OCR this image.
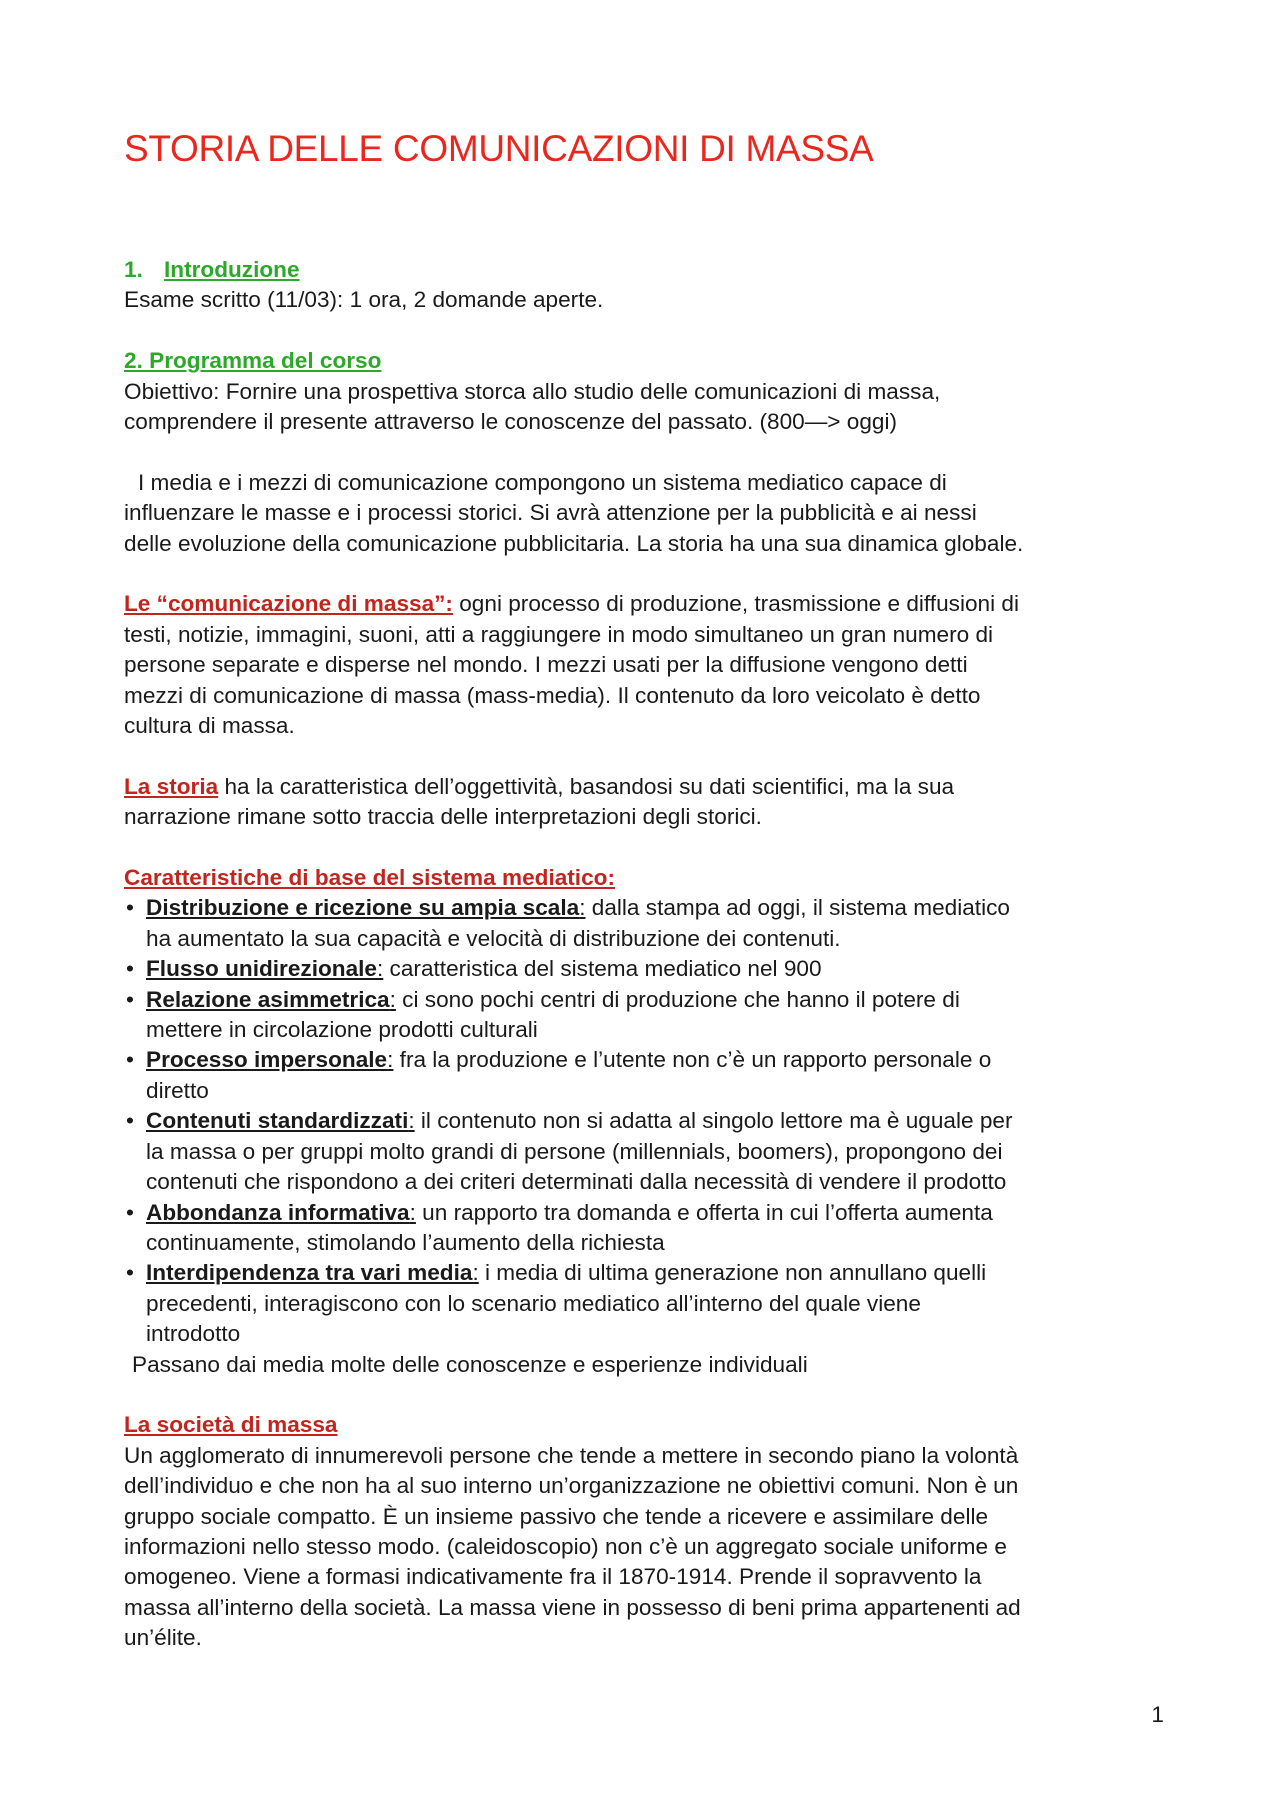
STORIA DELLE COMUNICAZIONI DI MASSA

1. Introduzione

Esame scritto (11/03): 1 ora, 2 domande aperte.

2. Programma del corso

Obiettivo: Fornire una prospettiva storca allo studio delle comunicazioni di massa,

comprendere il presente attraverso le conoscenze del passato. (800—> oggi)

I media e i mezzi di comunicazione compongono un sistema mediatico capace di

influenzare le masse e i processi storici. Si avrà attenzione per la pubblicità e ai nessi

delle evoluzione della comunicazione pubblicitaria. La storia ha una sua dinamica globale.

Le “comunicazione di massa”: ogni processo di produzione, trasmissione e diffusioni di

testi, notizie, immagini, suoni, atti a raggiungere in modo simultaneo un gran numero di

persone separate e disperse nel mondo. I mezzi usati per la diffusione vengono detti

mezzi di comunicazione di massa (mass-media). Il contenuto da loro veicolato è detto

cultura di massa.

La storia ha la caratteristica dell’oggettività, basandosi su dati scientifici, ma la sua

narrazione rimane sotto traccia delle interpretazioni degli storici.

Caratteristiche di base del sistema mediatico:

• Distribuzione e ricezione su ampia scala: dalla stampa ad oggi, il sistema mediatico
ha aumentato la sua capacità e velocità di distribuzione dei contenuti.
• Flusso unidirezionale: caratteristica del sistema mediatico nel 900
• Relazione asimmetrica: ci sono pochi centri di produzione che hanno il potere di
mettere in circolazione prodotti culturali
• Processo impersonale: fra la produzione e l’utente non c’è un rapporto personale o
diretto
• Contenuti standardizzati: il contenuto non si adatta al singolo lettore ma è uguale per
la massa o per gruppi molto grandi di persone (millennials, boomers), propongono dei
contenuti che rispondono a dei criteri determinati dalla necessità di vendere il prodotto
• Abbondanza informativa: un rapporto tra domanda e offerta in cui l’offerta aumenta
continuamente, stimolando l’aumento della richiesta
• Interdipendenza tra vari media: i media di ultima generazione non annullano quelli
precedenti, interagiscono con lo scenario mediatico all’interno del quale viene
introdotto

Passano dai media molte delle conoscenze e esperienze individuali

La società di massa

Un agglomerato di innumerevoli persone che tende a mettere in secondo piano la volontà

dell’individuo e che non ha al suo interno un’organizzazione ne obiettivi comuni. Non è un

gruppo sociale compatto. È un insieme passivo che tende a ricevere e assimilare delle

informazioni nello stesso modo. (caleidoscopio) non c’è un aggregato sociale uniforme e

omogeneo. Viene a formasi indicativamente fra il 1870-1914. Prende il sopravvento la

massa all’interno della società. La massa viene in possesso di beni prima appartenenti ad

un’élite.

1
